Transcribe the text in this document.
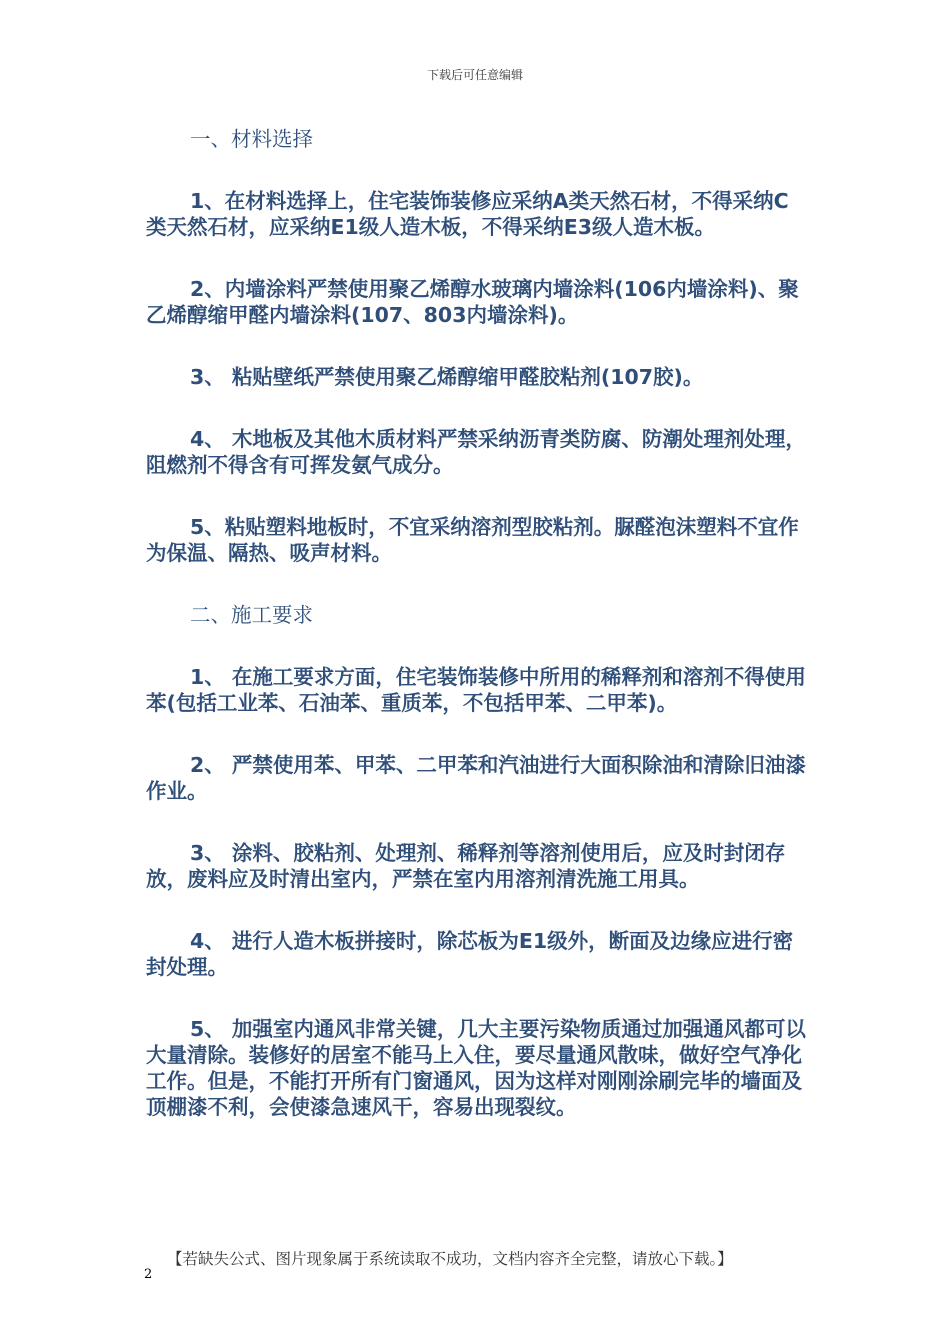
下载后可任意编辑

一、材料选择

1、在材料选择上，住宅装饰装修应采纳A类天然石材，不得采纳C类天然石材，应采纳E1级人造木板，不得采纳E3级人造木板。

2、内墙涂料严禁使用聚乙烯醇水玻璃内墙涂料(106内墙涂料)、聚乙烯醇缩甲醛内墙涂料(107、803内墙涂料)。

3、 粘贴壁纸严禁使用聚乙烯醇缩甲醛胶粘剂(107胶)。

4、 木地板及其他木质材料严禁采纳沥青类防腐、防潮处理剂处理，阻燃剂不得含有可挥发氨气成分。

5、粘贴塑料地板时，不宜采纳溶剂型胶粘剂。脲醛泡沫塑料不宜作为保温、隔热、吸声材料。

二、施工要求

1、 在施工要求方面，住宅装饰装修中所用的稀释剂和溶剂不得使用苯(包括工业苯、石油苯、重质苯，不包括甲苯、二甲苯)。

2、 严禁使用苯、甲苯、二甲苯和汽油进行大面积除油和清除旧油漆作业。

3、 涂料、胶粘剂、处理剂、稀释剂等溶剂使用后，应及时封闭存放，废料应及时清出室内，严禁在室内用溶剂清洗施工用具。

4、 进行人造木板拼接时，除芯板为E1级外，断面及边缘应进行密封处理。

5、 加强室内通风非常关键，几大主要污染物质通过加强通风都可以大量清除。装修好的居室不能马上入住，要尽量通风散味，做好空气净化工作。但是，不能打开所有门窗通风，因为这样对刚刚涂刷完毕的墙面及顶棚漆不利，会使漆急速风干，容易出现裂纹。

【若缺失公式、图片现象属于系统读取不成功，文档内容齐全完整，请放心下载。】
2
